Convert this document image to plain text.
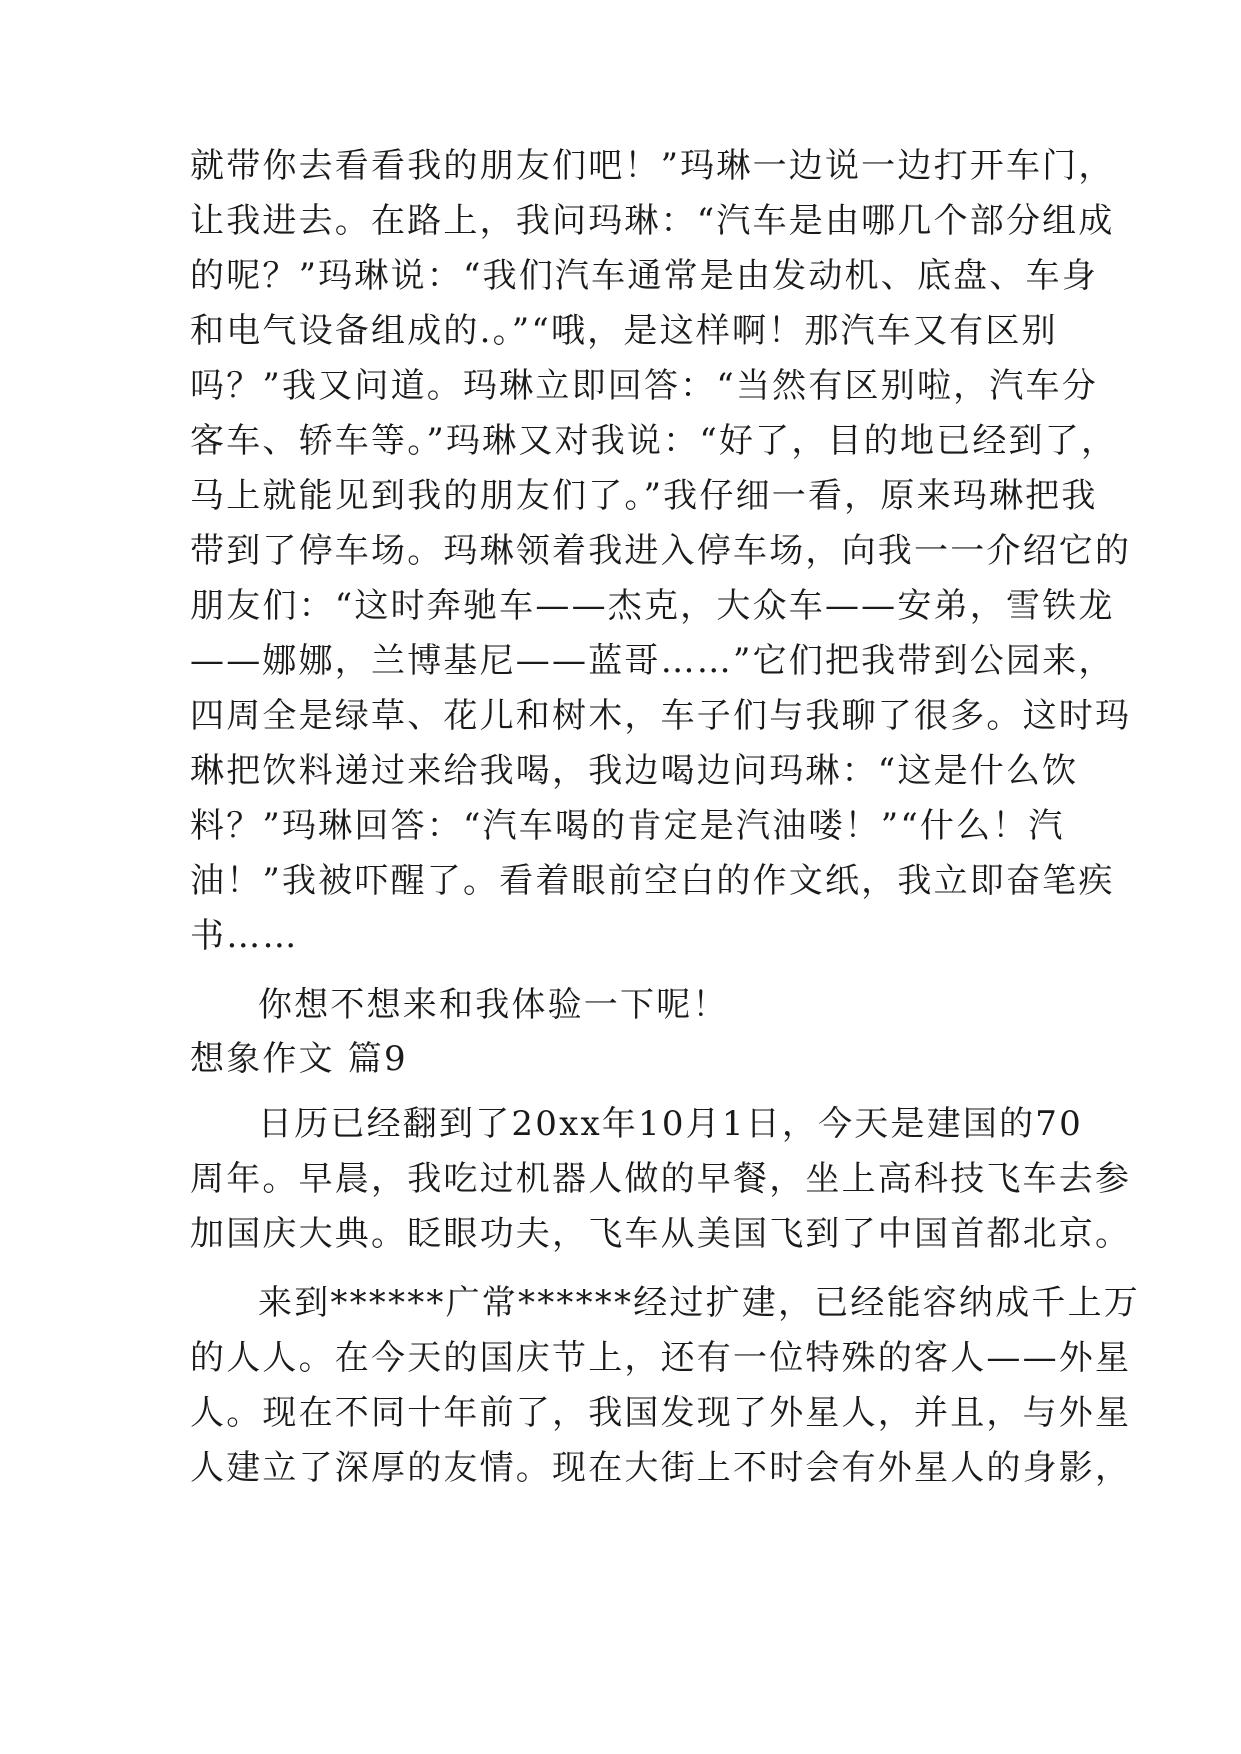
就带你去看看我的朋友们吧！”玛琳一边说一边打开车门，
让我进去。在路上，我问玛琳：“汽车是由哪几个部分组成
的呢？”玛琳说：“我们汽车通常是由发动机、底盘、车身
和电气设备组成的.。”“哦，是这样啊！那汽车又有区别
吗？”我又问道。玛琳立即回答：“当然有区别啦，汽车分
客车、轿车等。”玛琳又对我说：“好了，目的地已经到了，
马上就能见到我的朋友们了。”我仔细一看，原来玛琳把我
带到了停车场。玛琳领着我进入停车场，向我一一介绍它的
朋友们：“这时奔驰车——杰克，大众车——安弟，雪铁龙
——娜娜，兰博基尼——蓝哥……”它们把我带到公园来，
四周全是绿草、花儿和树木，车子们与我聊了很多。这时玛
琳把饮料递过来给我喝，我边喝边问玛琳：“这是什么饮
料？”玛琳回答：“汽车喝的肯定是汽油喽！”“什么！汽
油！”我被吓醒了。看着眼前空白的作文纸，我立即奋笔疾
书……
你想不想来和我体验一下呢！
想象作文 篇9
日历已经翻到了20xx年10月1日，今天是建国的70
周年。早晨，我吃过机器人做的早餐，坐上高科技飞车去参
加国庆大典。眨眼功夫，飞车从美国飞到了中国首都北京。
来到******广常******经过扩建，已经能容纳成千上万
的人人。在今天的国庆节上，还有一位特殊的客人——外星
人。现在不同十年前了，我国发现了外星人，并且，与外星
人建立了深厚的友情。现在大街上不时会有外星人的身影，
